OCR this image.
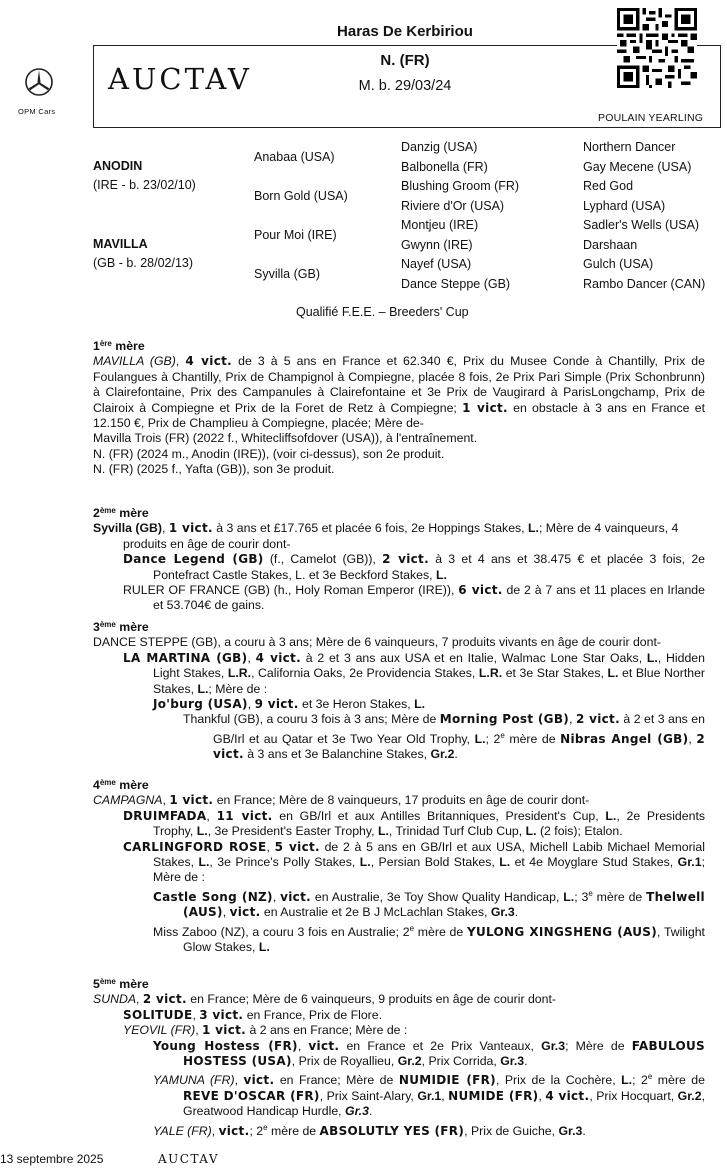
Haras De Kerbiriou
AUCTAV
N. (FR)
M. b. 29/03/24
POULAIN YEARLING
OPM Cars
ANODIN
(IRE - b. 23/02/10)
MAVILLA
(GB - b. 28/02/13)
Anabaa (USA)
Born Gold (USA)
Pour Moi (IRE)
Syvilla (GB)
Danzig (USA)
Balbonella (FR)
Blushing Groom (FR)
Riviere d'Or (USA)
Montjeu (IRE)
Gwynn (IRE)
Nayef (USA)
Dance Steppe (GB)
Northern Dancer
Gay Mecene (USA)
Red God
Lyphard (USA)
Sadler's Wells (USA)
Darshaan
Gulch (USA)
Rambo Dancer (CAN)
Qualifié F.E.E. – Breeders' Cup
1ère mère
MAVILLA (GB), 4 vict. de 3 à 5 ans en France et 62.340 €, Prix du Musee Conde à Chantilly, Prix de Foulangues à Chantilly, Prix de Champignol à Compiegne, placée 8 fois, 2e Prix Pari Simple (Prix Schonbrunn) à Clairefontaine, Prix des Campanules à Clairefontaine et 3e Prix de Vaugirard à ParisLongchamp, Prix de Clairoix à Compiegne et Prix de la Foret de Retz à Compiegne; 1 vict. en obstacle à 3 ans en France et 12.150 €, Prix de Champlieu à Compiegne, placée; Mère de-
Mavilla Trois (FR) (2022 f., Whitecliffsofdover (USA)), à l'entraînement.
N. (FR) (2024 m., Anodin (IRE)), (voir ci-dessus), son 2e produit.
N. (FR) (2025 f., Yafta (GB)), son 3e produit.
2ème mère
Syvilla (GB), 1 vict. à 3 ans et £17.765 et placée 6 fois, 2e Hoppings Stakes, L.; Mère de 4 vainqueurs, 4 produits en âge de courir dont-
Dance Legend (GB) (f., Camelot (GB)), 2 vict. à 3 et 4 ans et 38.475 € et placée 3 fois, 2e Pontefract Castle Stakes, L. et 3e Beckford Stakes, L.
RULER OF FRANCE (GB) (h., Holy Roman Emperor (IRE)), 6 vict. de 2 à 7 ans et 11 places en Irlande et 53.704€ de gains.
3ème mère
DANCE STEPPE (GB), a couru à 3 ans; Mère de 6 vainqueurs, 7 produits vivants en âge de courir dont-
LA MARTINA (GB), 4 vict. à 2 et 3 ans aux USA et en Italie, Walmac Lone Star Oaks, L., Hidden Light Stakes, L.R., California Oaks, 2e Providencia Stakes, L.R. et 3e Star Stakes, L. et Blue Norther Stakes, L.; Mère de :
Jo'burg (USA), 9 vict. et 3e Heron Stakes, L.
Thankful (GB), a couru 3 fois à 3 ans; Mère de Morning Post (GB), 2 vict. à 2 et 3 ans en GB/Irl et au Qatar et 3e Two Year Old Trophy, L.; 2e mère de Nibras Angel (GB), 2 vict. à 3 ans et 3e Balanchine Stakes, Gr.2.
4ème mère
CAMPAGNA, 1 vict. en France; Mère de 8 vainqueurs, 17 produits en âge de courir dont-
DRUIMFADA, 11 vict. en GB/Irl et aux Antilles Britanniques, President's Cup, L., 2e Presidents Trophy, L., 3e President's Easter Trophy, L., Trinidad Turf Club Cup, L. (2 fois); Etalon.
CARLINGFORD ROSE, 5 vict. de 2 à 5 ans en GB/Irl et aux USA, Michell Labib Michael Memorial Stakes, L., 3e Prince's Polly Stakes, L., Persian Bold Stakes, L. et 4e Moyglare Stud Stakes, Gr.1; Mère de :
Castle Song (NZ), vict. en Australie, 3e Toy Show Quality Handicap, L.; 3e mère de Thelwell (AUS), vict. en Australie et 2e B J McLachlan Stakes, Gr.3.
Miss Zaboo (NZ), a couru 3 fois en Australie; 2e mère de YULONG XINGSHENG (AUS), Twilight Glow Stakes, L.
5ème mère
SUNDA, 2 vict. en France; Mère de 6 vainqueurs, 9 produits en âge de courir dont-
SOLITUDE, 3 vict. en France, Prix de Flore.
YEOVIL (FR), 1 vict. à 2 ans en France; Mère de :
Young Hostess (FR), vict. en France et 2e Prix Vanteaux, Gr.3; Mère de FABULOUS HOSTESS (USA), Prix de Royallieu, Gr.2, Prix Corrida, Gr.3.
YAMUNA (FR), vict. en France; Mère de NUMIDIE (FR), Prix de la Cochère, L.; 2e mère de REVE D'OSCAR (FR), Prix Saint-Alary, Gr.1, NUMIDE (FR), 4 vict., Prix Hocquart, Gr.2, Greatwood Handicap Hurdle, Gr.3.
YALE (FR), vict.; 2e mère de ABSOLUTLY YES (FR), Prix de Guiche, Gr.3.
13 septembre 2025	AUCTAV
